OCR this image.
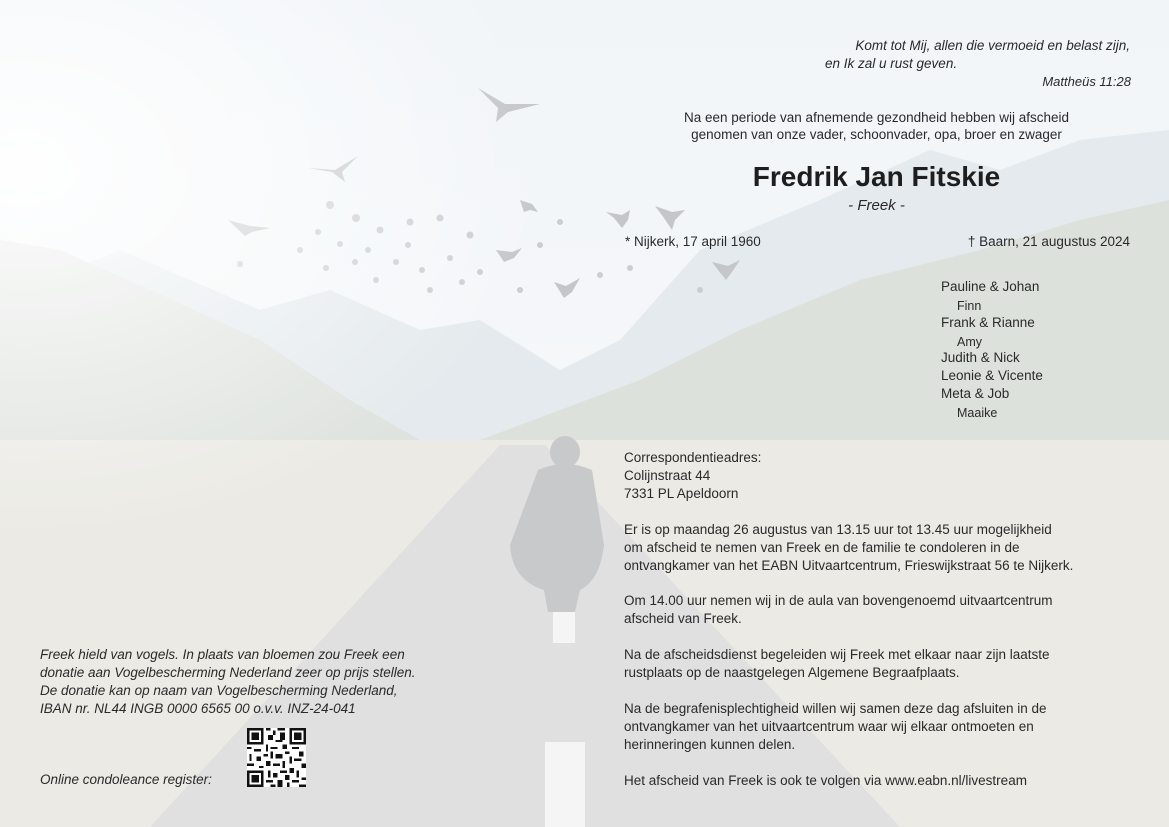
Komt tot Mij, allen die vermoeid en belast zijn,
en Ik zal u rust geven.
Mattheüs 11:28
Na een periode van afnemende gezondheid hebben wij afscheid
genomen van onze vader, schoonvader, opa, broer en zwager
Fredrik Jan Fitskie
- Freek -
* Nijkerk, 17 april 1960	† Baarn, 21 augustus 2024
Pauline & Johan
Finn
Frank & Rianne
Amy
Judith & Nick
Leonie & Vicente
Meta & Job
Maaike
Correspondentieadres:
Colijnstraat 44
7331 PL Apeldoorn
Er is op maandag 26 augustus van 13.15 uur tot 13.45 uur mogelijkheid
om afscheid te nemen van Freek en de familie te condoleren in de
ontvangkamer van het EABN Uitvaartcentrum, Frieswijkstraat 56 te Nijkerk.
Om 14.00 uur nemen wij in de aula van bovengenoemd uitvaartcentrum
afscheid van Freek.
Na de afscheidsdienst begeleiden wij Freek met elkaar naar zijn laatste
rustplaats op de naastgelegen Algemene Begraafplaats.
Na de begrafenisplechtigheid willen wij samen deze dag afsluiten in de
ontvangkamer van het uitvaartcentrum waar wij elkaar ontmoeten en
herinneringen kunnen delen.
Het afscheid van Freek is ook te volgen via www.eabn.nl/livestream
Freek hield van vogels. In plaats van bloemen zou Freek een
donatie aan Vogelbescherming Nederland zeer op prijs stellen.
De donatie kan op naam van Vogelbescherming Nederland,
IBAN nr. NL44 INGB 0000 6565 00 o.v.v. INZ-24-041
Online condoleance register:
